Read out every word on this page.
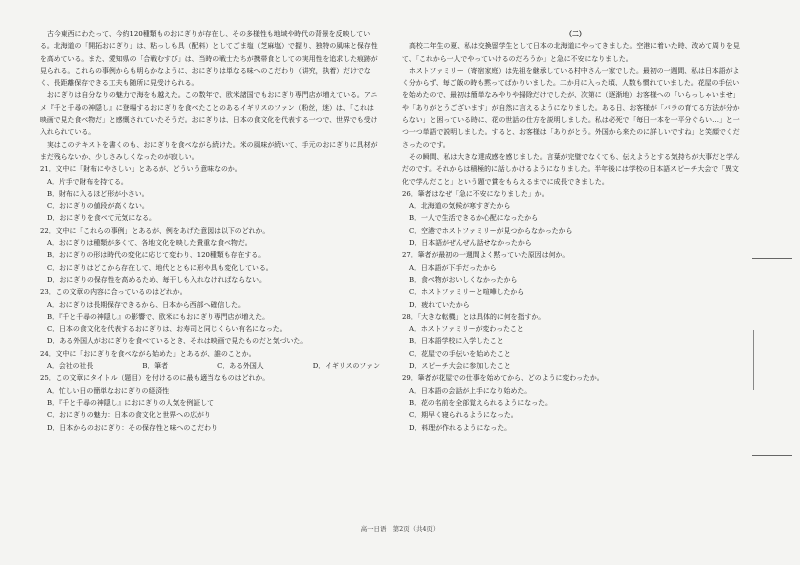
古今東西にわたって、今約120種類ものおにぎりが存在し、その多様性も地域や時代の背景を反映している。北海道の「開拓おにぎり」は、粘っしも具（配料）としてごま塩（芝麻塩）で握り、独特の風味と保存性を高めている。また、愛知県の「合戦むすび」は、当時の戦士たちが携帯食としての実用性を追求した痕跡が見られる。これらの事例からも明らかなように、おにぎりは単なる味へのこだわり（讲究，执着）だけでなく、長距離保存できる工夫も随所に見受けられる。

おにぎりは自分なりの魅力で海をも越えた。この数年で、欧米諸国でもおにぎり専門店が増えている。アニメ『千と千尋の神隠し』に登場するおにぎりを食べたことのあるイギリスのファン（粉丝，迷）は、「これは映画で見た食べ物だ」と感慨されていたそうだ。おにぎりは、日本の食文化を代表する一つで、世界でも受け入れられている。

実はこのテキストを書くのも、おにぎりを食べながら続けた。米の風味が続いて、手元のおにぎりに具材がまだ残らないか、少しさみしくなったのが寂しい。

21．文中に「財布にやさしい」とあるが、どういう意味なのか。

A．片手で財布を持てる。

B．財布に入るほど形が小さい。

C．おにぎりの値段が高くない。

D．おにぎりを食べて元気になる。

22．文中に「これらの事例」とあるが、例をあげた意図は以下のどれか。

A．おにぎりは種類が多くて、各地文化を映した貴重な食べ物だ。

B．おにぎりの形は時代の変化に応じて変わり、120種類も存在する。

C．おにぎりはどこから存在して、地代とともに形や具も変化している。

D．おにぎりの保存性を高めるため、毎干しも入れなければならない。

23．この文章の内容に合っているのはどれか。

A．おにぎりは長期保存できるから、日本から西部へ確信した。

B．『千と千尋の神隠し』の影響で、欧米にもおにぎり専門店が増えた。

C．日本の食文化を代表するおにぎりは、お寿司と同じくらい有名になった。

D．ある外国人がおにぎりを食べているとき、それは映画で見たものだと気づいた。

24．文中に「おにぎりを食べながら始めた」とあるが、誰のことか。

A．会社の社長	B．筆者	C．ある外国人	D．イギリスのファン

25．この文章にタイトル（题目）を付けるのに最も適当なものはどれか。

A．忙しい日の簡単なおにぎりの経済性

B．『千と千尋の神隠し』におにぎりの人気を例証して

C．おにぎりの魅力：日本の食文化と世界への広がり

D．日本からのおにぎり：その保存性と味へのこだわり

（二）

高校二年生の夏、私は交換留学生として日本の北海道にやってきました。空港に着いた時、改めて周りを見て、「これから一人でやっていけるのだろうか」と急に不安になりました。

ホストファミリー（寄宿家庭）は先祖を継承している村中さん一家でした。最初の一週間、私は日本語がよく分からず、毎ご飯の時も黙ってばかりいました。二か月に入った頃、人数も慣れていました。花屋の手伝いを始めたので、最初は簡単なみやりや掃除だけでしたが、次第に（逐渐地）お客様への「いらっしゃいませ」や「ありがとうございます」が自然に言えるようになりました。ある日、お客様が「バラの育てる方法が分からない」と困っている時に、花の世話の仕方を説明しました。私は必死で「毎日一本を一平分ぐらい…」と一つ一つ単語で説明しました。すると、お客様は「ありがとう。外国から来たのに詳しいですね」と笑顔でくださったのです。

その瞬間、私は大きな達成感を感じました。言葉が完璧でなくても、伝えようとする気持ちが大事だと学んだのです。それからは積極的に話しかけるようになりました。半年後には学校の日本語スピーチ大会で「異文化で学んだこと」という題で賞をもらえるまでに成長できました。

26．筆者はなぜ「急に不安になりました」か。

A．北海道の気候が寒すぎたから

B．一人で生活できるか心配になったから

C．空港でホストファミリーが見つからなかったから

D．日本語がぜんぜん話せなかったから

27．筆者が最初の一週間よく黙っていた原因は何か。

A．日本語が下手だったから

B．食べ物がおいしくなかったから

C．ホストファミリーと喧嘩したから

D．疲れていたから

28．「大きな転機」とは具体的に何を指すか。

A．ホストファミリーが変わったこと

B．日本語学校に入学したこと

C．花屋での手伝いを始めたこと

D．スピーチ大会に参加したこと

29．筆者が花屋での仕事を始めてから、どのように変わったか。

A．日本語の会話が上手になり始めた。

B．花の名前を全部覚えられるようになった。

C．期早く寝られるようになった。

D．料理が作れるようになった。

高一日语　第2页（共4页）
